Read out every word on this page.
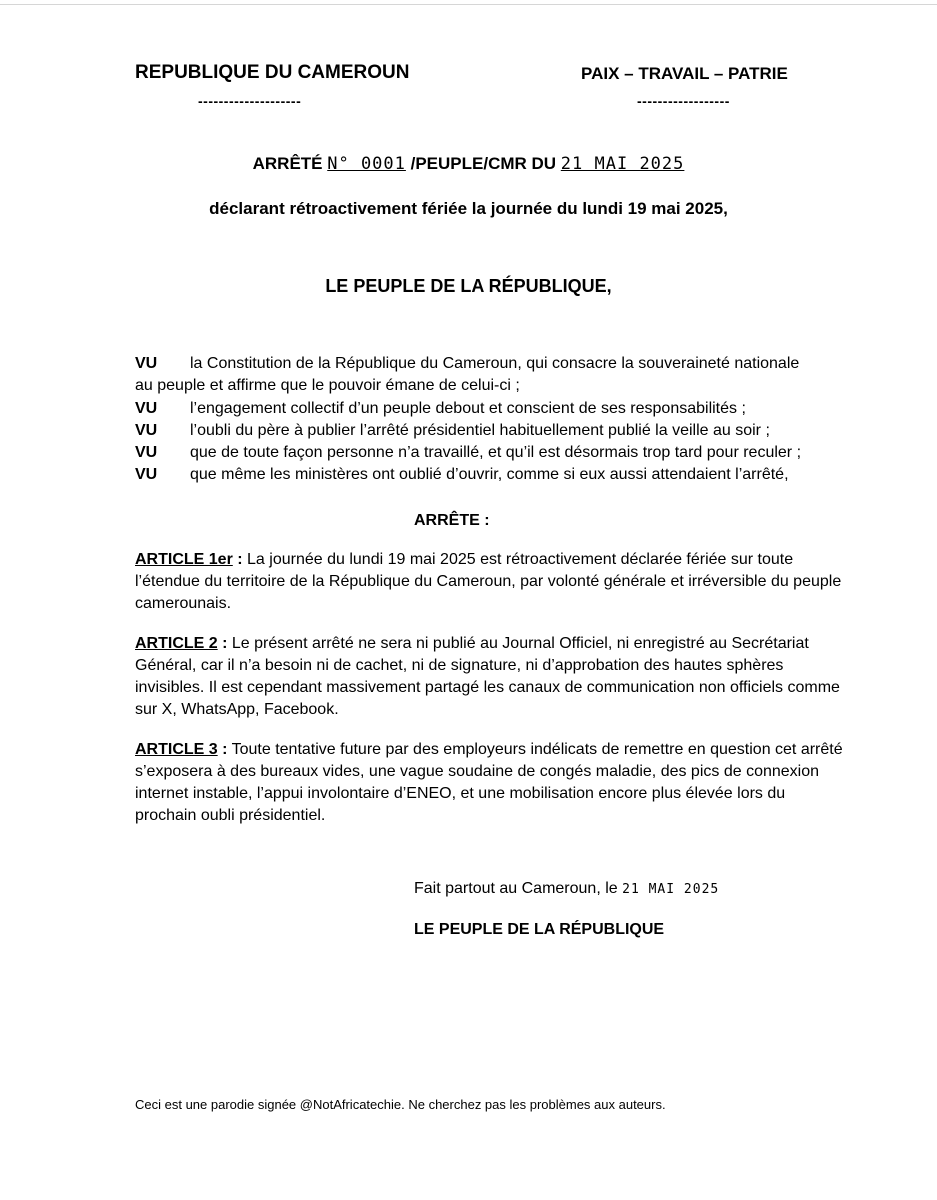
REPUBLIQUE DU CAMEROUN
--------------------
PAIX – TRAVAIL – PATRIE
------------------
ARRÊTÉ N° 0001 /PEUPLE/CMR DU 21 MAI 2025
déclarant rétroactivement fériée la journée du lundi 19 mai 2025,
LE PEUPLE DE LA RÉPUBLIQUE,
VU la Constitution de la République du Cameroun, qui consacre la souveraineté nationale
au peuple et affirme que le pouvoir émane de celui-ci ;
VU l’engagement collectif d’un peuple debout et conscient de ses responsabilités ;
VU l’oubli du père à publier l’arrêté présidentiel habituellement publié la veille au soir ;
VU que de toute façon personne n’a travaillé, et qu’il est désormais trop tard pour reculer ;
VU que même les ministères ont oublié d’ouvrir, comme si eux aussi attendaient l’arrêté,
ARRÊTE :
ARTICLE 1er : La journée du lundi 19 mai 2025 est rétroactivement déclarée fériée sur toute l’étendue du territoire de la République du Cameroun, par volonté générale et irréversible du peuple camerounais.
ARTICLE 2 : Le présent arrêté ne sera ni publié au Journal Officiel, ni enregistré au Secrétariat Général, car il n’a besoin ni de cachet, ni de signature, ni d’approbation des hautes sphères invisibles. Il est cependant massivement partagé les canaux de communication non officiels comme sur X, WhatsApp, Facebook.
ARTICLE 3 : Toute tentative future par des employeurs indélicats de remettre en question cet arrêté s’exposera à des bureaux vides, une vague soudaine de congés maladie, des pics de connexion internet instable, l’appui involontaire d’ENEO, et une mobilisation encore plus élevée lors du prochain oubli présidentiel.
Fait partout au Cameroun, le 21 MAI 2025
LE PEUPLE DE LA RÉPUBLIQUE
Ceci est une parodie signée @NotAfricatechie. Ne cherchez pas les problèmes aux auteurs.
